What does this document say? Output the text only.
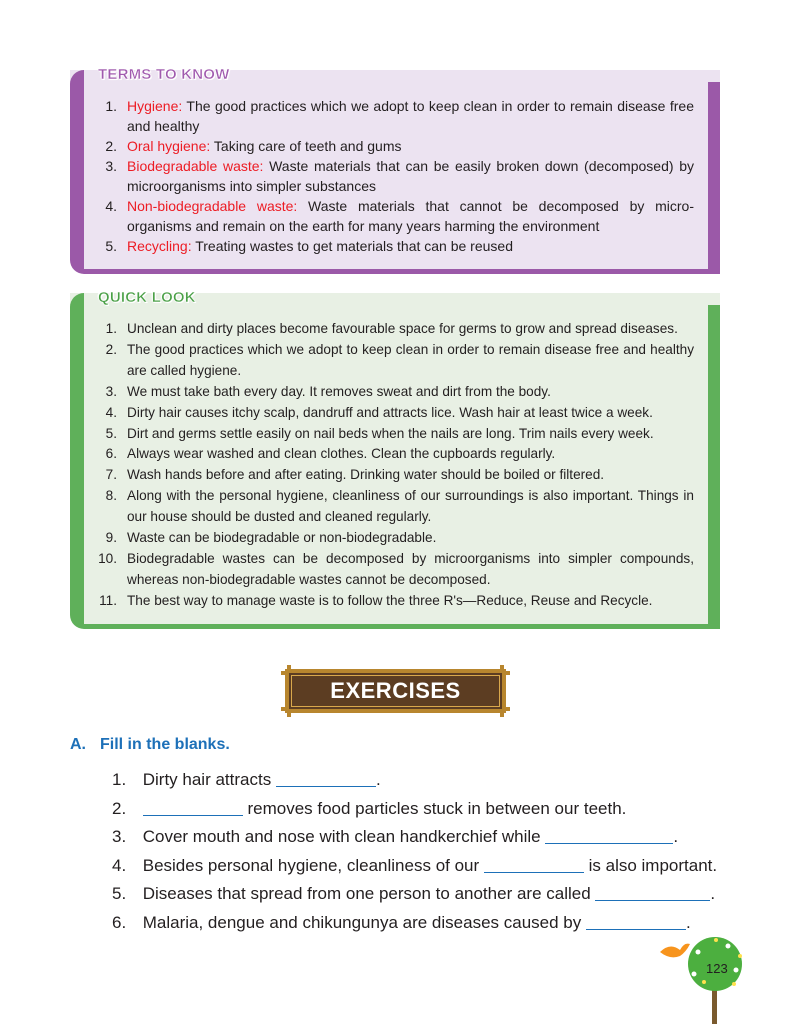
TERMS TO KNOW
1. Hygiene: The good practices which we adopt to keep clean in order to remain disease free and healthy
2. Oral hygiene: Taking care of teeth and gums
3. Biodegradable waste: Waste materials that can be easily broken down (decomposed) by microorganisms into simpler substances
4. Non-biodegradable waste: Waste materials that cannot be decomposed by micro-organisms and remain on the earth for many years harming the environment
5. Recycling: Treating wastes to get materials that can be reused
QUICK LOOK
1. Unclean and dirty places become favourable space for germs to grow and spread diseases.
2. The good practices which we adopt to keep clean in order to remain disease free and healthy are called hygiene.
3. We must take bath every day. It removes sweat and dirt from the body.
4. Dirty hair causes itchy scalp, dandruff and attracts lice. Wash hair at least twice a week.
5. Dirt and germs settle easily on nail beds when the nails are long. Trim nails every week.
6. Always wear washed and clean clothes. Clean the cupboards regularly.
7. Wash hands before and after eating. Drinking water should be boiled or filtered.
8. Along with the personal hygiene, cleanliness of our surroundings is also important. Things in our house should be dusted and cleaned regularly.
9. Waste can be biodegradable or non-biodegradable.
10. Biodegradable wastes can be decomposed by microorganisms into simpler compounds, whereas non-biodegradable wastes cannot be decomposed.
11. The best way to manage waste is to follow the three R's—Reduce, Reuse and Recycle.
EXERCISES
A. Fill in the blanks.
1. Dirty hair attracts	.
2.	removes food particles stuck in between our teeth.
3. Cover mouth and nose with clean handkerchief while	.
4. Besides personal hygiene, cleanliness of our	is also important.
5. Diseases that spread from one person to another are called	.
6. Malaria, dengue and chikungunya are diseases caused by	.
123
